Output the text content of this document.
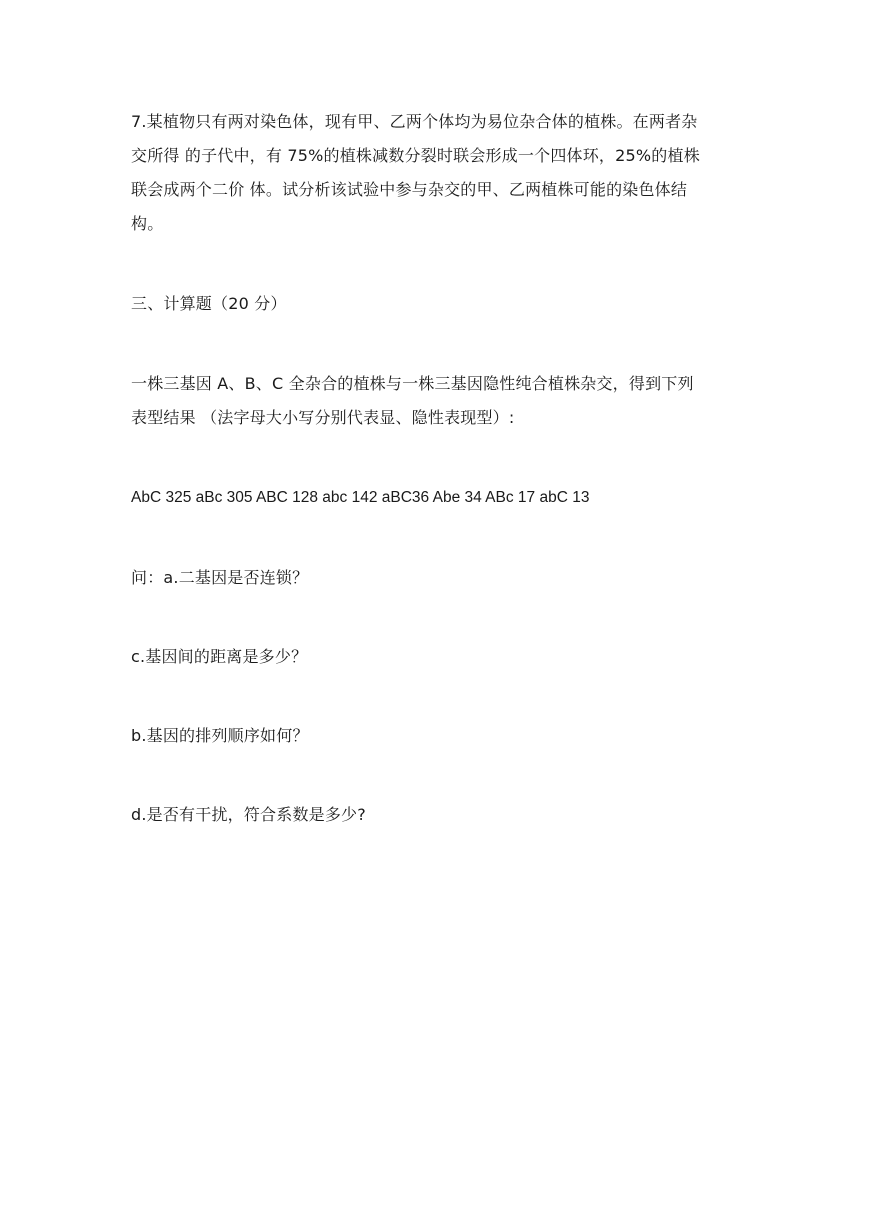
7.某植物只有两对染色体，现有甲、乙两个体均为易位杂合体的植株。在两者杂
交所得 的子代中，有 75%的植株减数分裂时联会形成一个四体环，25%的植株
联会成两个二价 体。试分析该试验中参与杂交的甲、乙两植株可能的染色体结
构。
三、计算题（20 分）
一株三基因 A、B、C 全杂合的植株与一株三基因隐性纯合植株杂交，得到下列
表型结果 （法字母大小写分别代表显、隐性表现型）:
AbC 325 aBc 305 ABC 128 abc 142 aBC36 Abe 34 ABc 17 abC 13
问：a.二基因是否连锁？
c.基因间的距离是多少？
b.基因的排列顺序如何？
d.是否有干扰，符合系数是多少?
